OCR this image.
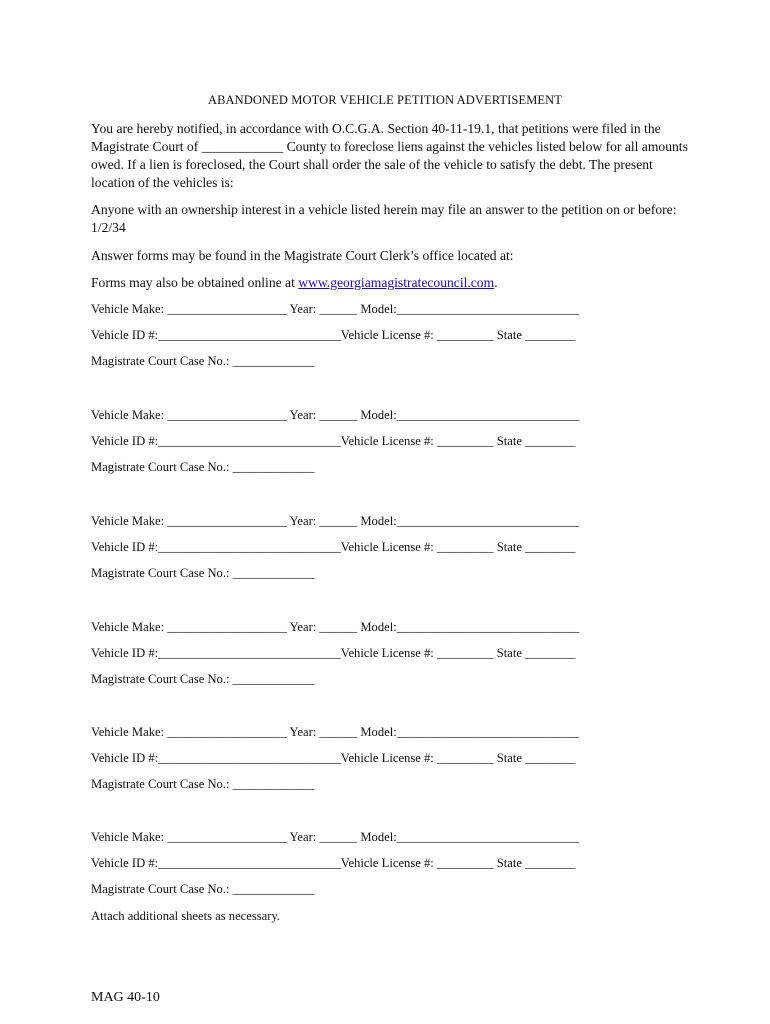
ABANDONED MOTOR VEHICLE PETITION ADVERTISEMENT
You are hereby notified, in accordance with O.C.G.A. Section 40-11-19.1, that petitions were filed in the Magistrate Court of ____________ County to foreclose liens against the vehicles listed below for all amounts owed. If a lien is foreclosed, the Court shall order the sale of the vehicle to satisfy the debt. The present location of the vehicles is:
Anyone with an ownership interest in a vehicle listed herein may file an answer to the petition on or before: 1/2/34
Answer forms may be found in the Magistrate Court Clerk’s office located at:
Forms may also be obtained online at www.georgiamagistratecouncil.com.
Vehicle Make: ___________________ Year: ______ Model:_____________________________
Vehicle ID #:_____________________________Vehicle License #: _________ State ________
Magistrate Court Case No.: _____________
Vehicle Make: ___________________ Year: ______ Model:_____________________________
Vehicle ID #:_____________________________Vehicle License #: _________ State ________
Magistrate Court Case No.: _____________
Vehicle Make: ___________________ Year: ______ Model:_____________________________
Vehicle ID #:_____________________________Vehicle License #: _________ State ________
Magistrate Court Case No.: _____________
Vehicle Make: ___________________ Year: ______ Model:_____________________________
Vehicle ID #:_____________________________Vehicle License #: _________ State ________
Magistrate Court Case No.: _____________
Vehicle Make: ___________________ Year: ______ Model:_____________________________
Vehicle ID #:_____________________________Vehicle License #: _________ State ________
Magistrate Court Case No.: _____________
Vehicle Make: ___________________ Year: ______ Model:_____________________________
Vehicle ID #:_____________________________Vehicle License #: _________ State ________
Magistrate Court Case No.: _____________
Attach additional sheets as necessary.
MAG 40-10
